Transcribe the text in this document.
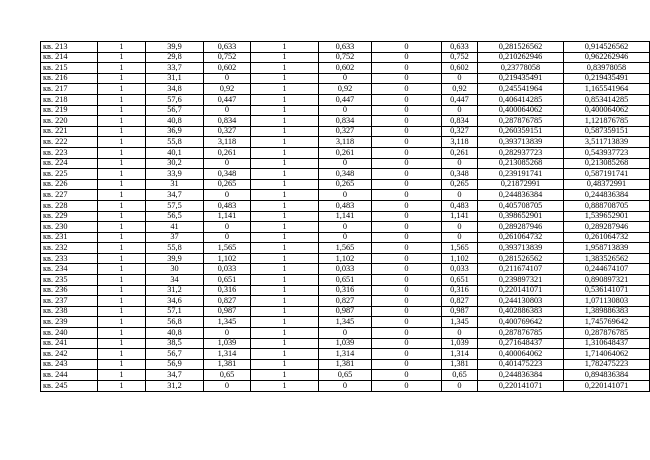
кв. 213	1	39,9	0,633	1	0,633	0	0,633	0,281526562	0,914526562
кв. 214	1	29,8	0,752	1	0,752	0	0,752	0,210262946	0,962262946
кв. 215	1	33,7	0,602	1	0,602	0	0,602	0,23778058	0,83978058
кв. 216	1	31,1	0	1	0	0	0	0,219435491	0,219435491
кв. 217	1	34,8	0,92	1	0,92	0	0,92	0,245541964	1,165541964
кв. 218	1	57,6	0,447	1	0,447	0	0,447	0,406414285	0,853414285
кв. 219	1	56,7	0	1	0	0	0	0,400064062	0,400064062
кв. 220	1	40,8	0,834	1	0,834	0	0,834	0,287876785	1,121876785
кв. 221	1	36,9	0,327	1	0,327	0	0,327	0,260359151	0,587359151
кв. 222	1	55,8	3,118	1	3,118	0	3,118	0,393713839	3,511713839
кв. 223	1	40,1	0,261	1	0,261	0	0,261	0,282937723	0,543937723
кв. 224	1	30,2	0	1	0	0	0	0,213085268	0,213085268
кв. 225	1	33,9	0,348	1	0,348	0	0,348	0,239191741	0,587191741
кв. 226	1	31	0,265	1	0,265	0	0,265	0,21872991	0,48372991
кв. 227	1	34,7	0	1	0	0	0	0,244836384	0,244836384
кв. 228	1	57,5	0,483	1	0,483	0	0,483	0,405708705	0,888708705
кв. 229	1	56,5	1,141	1	1,141	0	1,141	0,398652901	1,539652901
кв. 230	1	41	0	1	0	0	0	0,289287946	0,289287946
кв. 231	1	37	0	1	0	0	0	0,261064732	0,261064732
кв. 232	1	55,8	1,565	1	1,565	0	1,565	0,393713839	1,958713839
кв. 233	1	39,9	1,102	1	1,102	0	1,102	0,281526562	1,383526562
кв. 234	1	30	0,033	1	0,033	0	0,033	0,211674107	0,244674107
кв. 235	1	34	0,651	1	0,651	0	0,651	0,239897321	0,890897321
кв. 236	1	31,2	0,316	1	0,316	0	0,316	0,220141071	0,536141071
кв. 237	1	34,6	0,827	1	0,827	0	0,827	0,244130803	1,071130803
кв. 238	1	57,1	0,987	1	0,987	0	0,987	0,402886383	1,389886383
кв. 239	1	56,8	1,345	1	1,345	0	1,345	0,400769642	1,745769642
кв. 240	1	40,8	0	1	0	0	0	0,287876785	0,287876785
кв. 241	1	38,5	1,039	1	1,039	0	1,039	0,271648437	1,310648437
кв. 242	1	56,7	1,314	1	1,314	0	1,314	0,400064062	1,714064062
кв. 243	1	56,9	1,381	1	1,381	0	1,381	0,401475223	1,782475223
кв. 244	1	34,7	0,65	1	0,65	0	0,65	0,244836384	0,894836384
кв. 245	1	31,2	0	1	0	0	0	0,220141071	0,220141071
